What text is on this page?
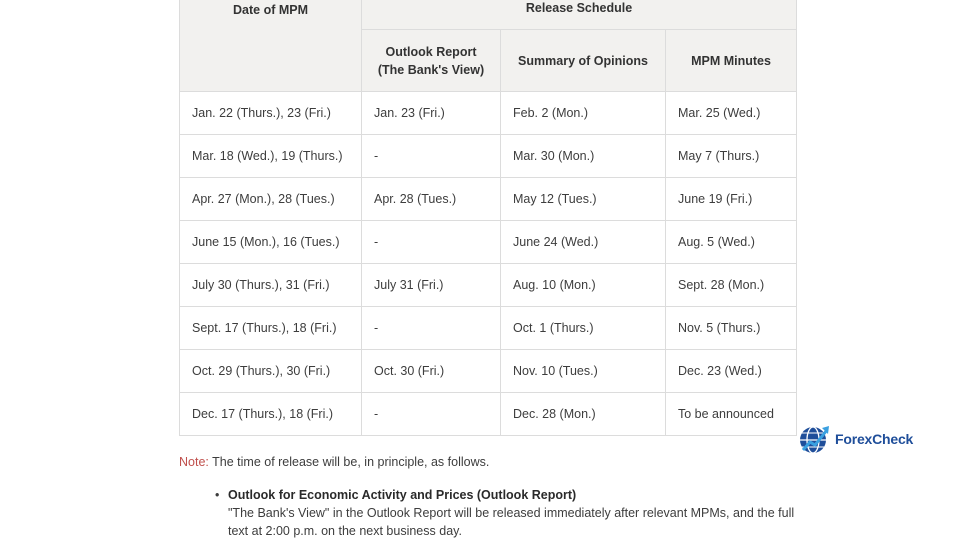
Date of MPM	Release Schedule		
	Outlook Report (The Bank's View)	Summary of Opinions	MPM Minutes
Jan. 22 (Thurs.), 23 (Fri.)	Jan. 23 (Fri.)	Feb. 2 (Mon.)	Mar. 25 (Wed.)
Mar. 18 (Wed.), 19 (Thurs.)	-	Mar. 30 (Mon.)	May 7 (Thurs.)
Apr. 27 (Mon.), 28 (Tues.)	Apr. 28 (Tues.)	May 12 (Tues.)	June 19 (Fri.)
June 15 (Mon.), 16 (Tues.)	-	June 24 (Wed.)	Aug. 5 (Wed.)
July 30 (Thurs.), 31 (Fri.)	July 31 (Fri.)	Aug. 10 (Mon.)	Sept. 28 (Mon.)
Sept. 17 (Thurs.), 18 (Fri.)	-	Oct. 1 (Thurs.)	Nov. 5 (Thurs.)
Oct. 29 (Thurs.), 30 (Fri.)	Oct. 30 (Fri.)	Nov. 10 (Tues.)	Dec. 23 (Wed.)
Dec. 17 (Thurs.), 18 (Fri.)	-	Dec. 28 (Mon.)	To be announced
Note: The time of release will be, in principle, as follows.
• Outlook for Economic Activity and Prices (Outlook Report)
"The Bank's View" in the Outlook Report will be released immediately after relevant MPMs, and the full text at 2:00 p.m. on the next business day.
ForexCheck
